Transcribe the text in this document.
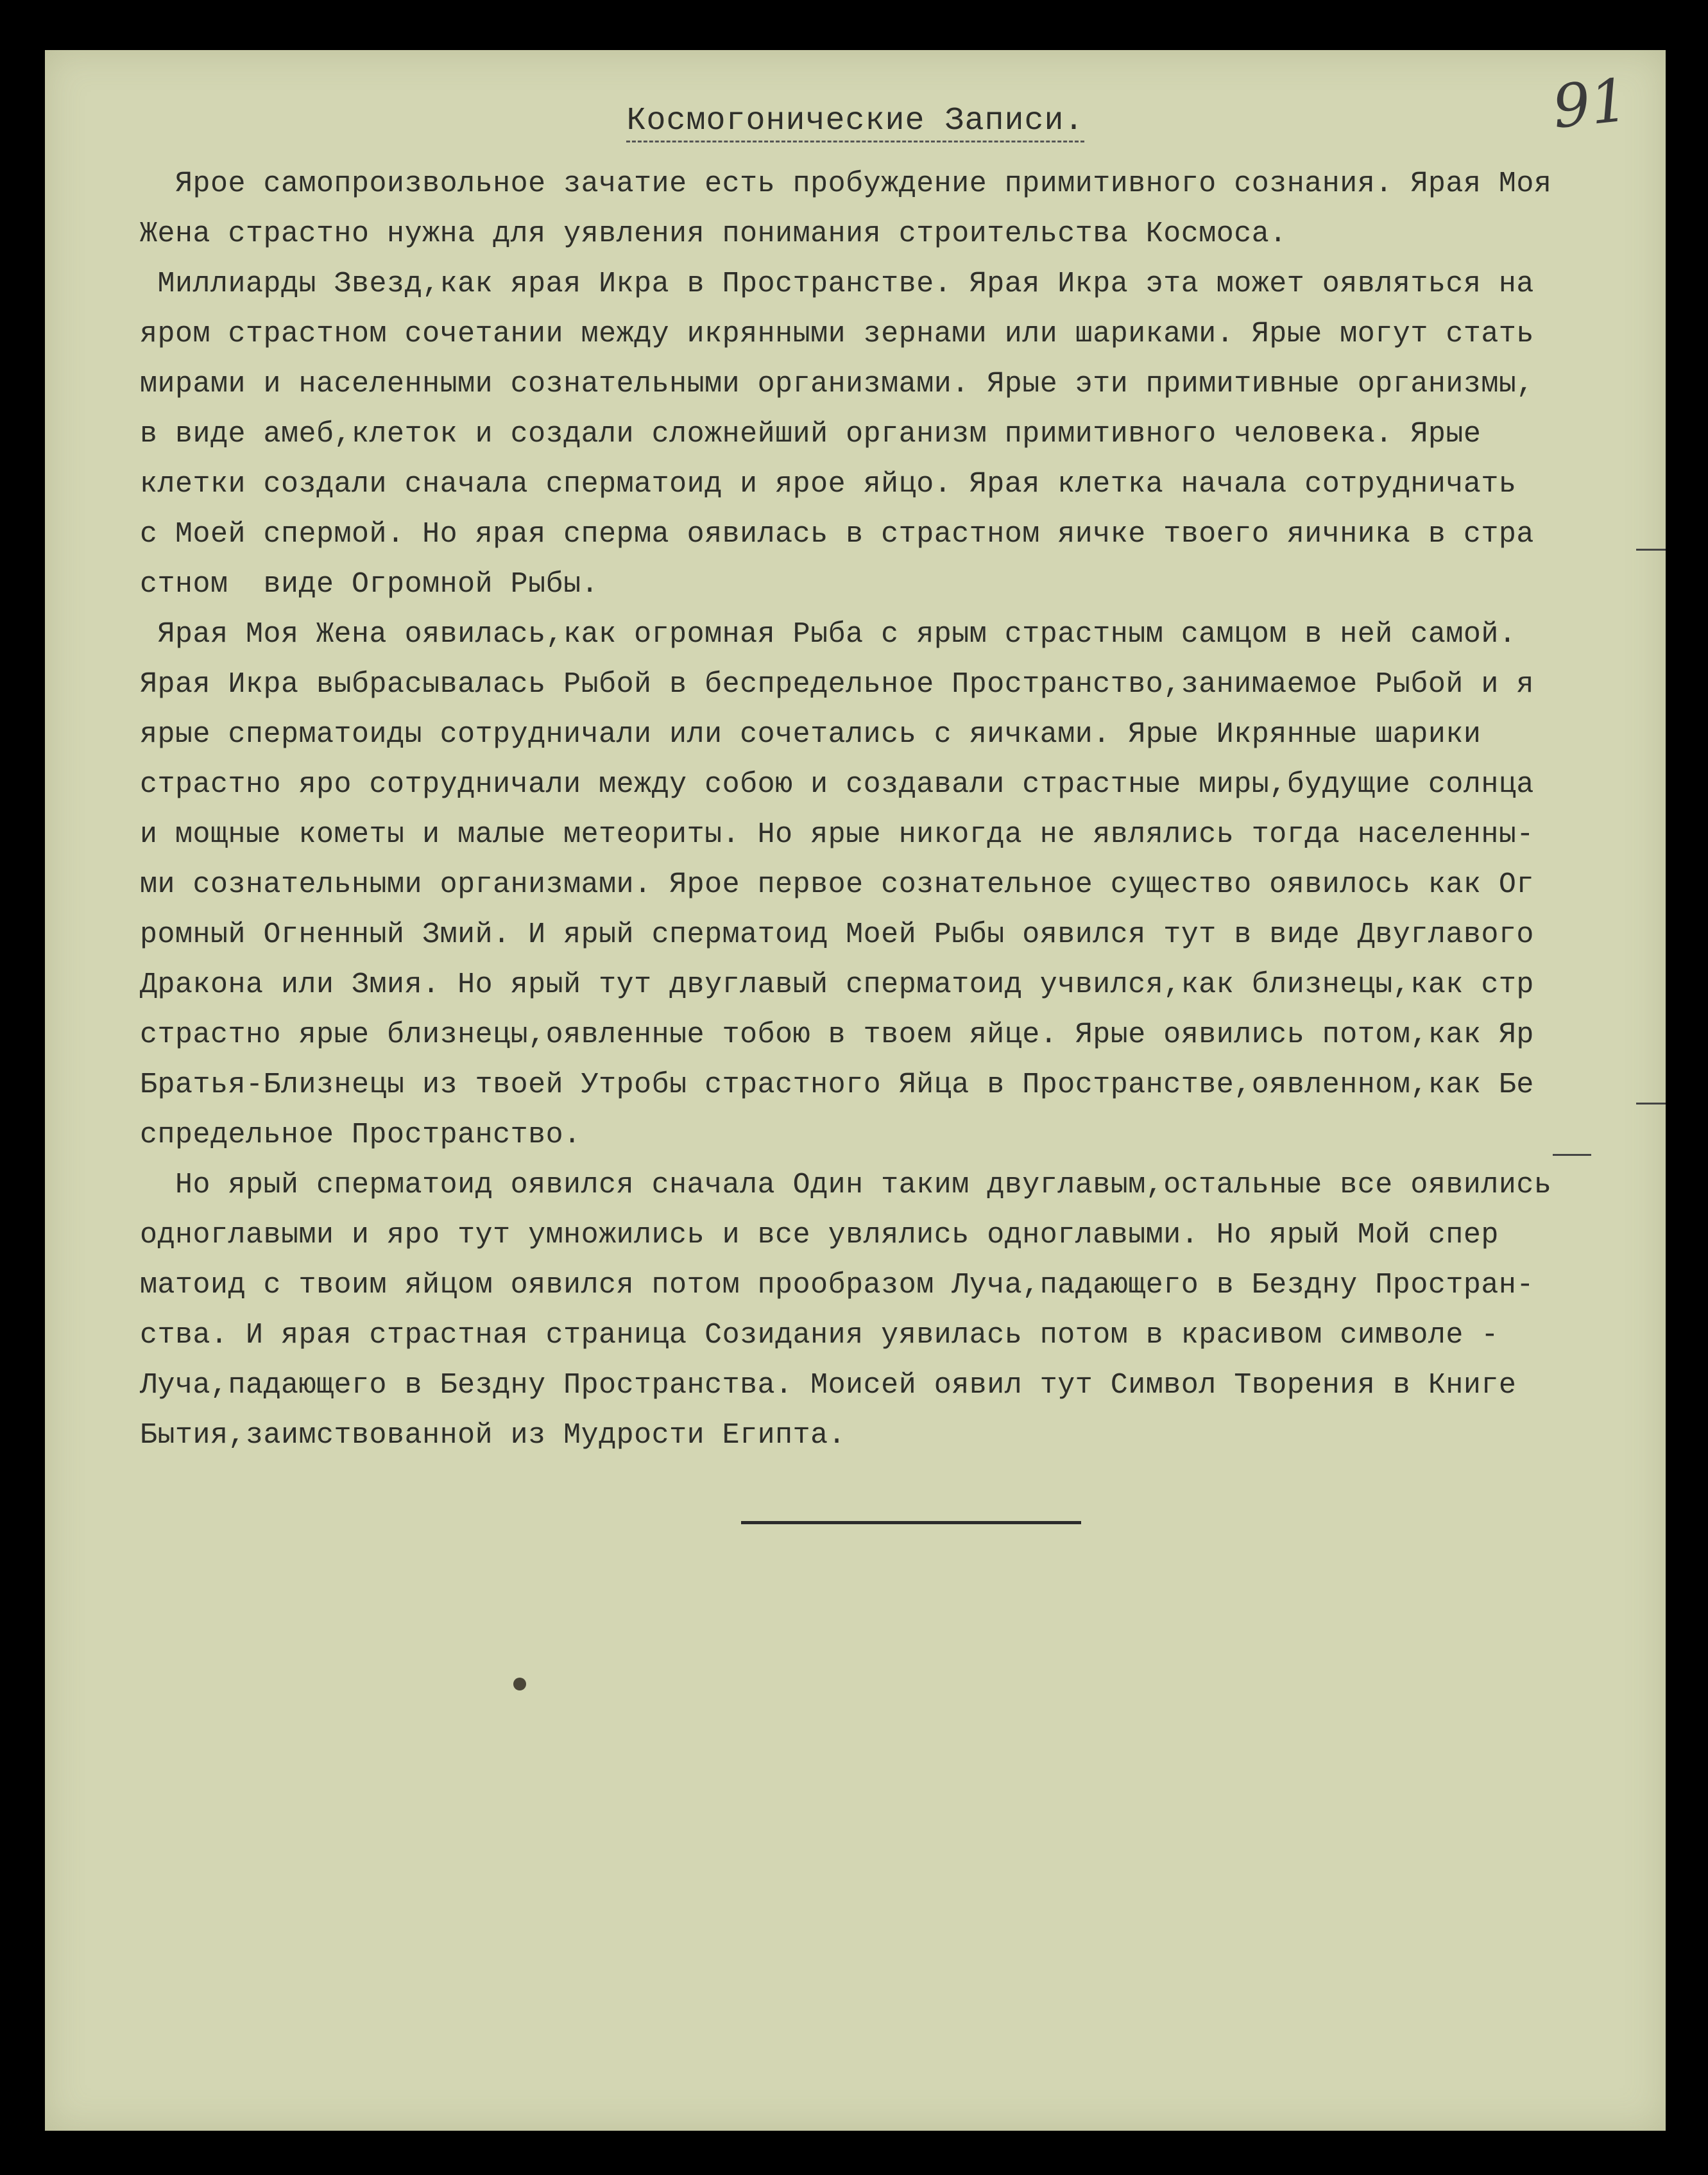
91
Космогонические Записи.
Ярое самопроизвольное зачатие есть пробуждение примитивного сознания. Ярая Моя
Жена страстно нужна для уявления понимания строительства Космоса.
Миллиарды Звезд,как ярая Икра в Пространстве. Ярая Икра эта может оявляться на
яром страстном сочетании между икрянными зернами или шариками. Ярые могут стать
мирами и населенными сознательными организмами. Ярые эти примитивные организмы,
в виде амеб,клеток и создали сложнейший организм примитивного человека. Ярые
клетки создали сначала сперматоид и ярое яйцо. Ярая клетка начала сотрудничать
с Моей спермой. Но ярая сперма оявилась в страстном яичке твоего яичника в стра
стном  виде Огромной Рыбы.
Ярая Моя Жена оявилась,как огромная Рыба с ярым страстным самцом в ней самой.
Ярая Икра выбрасывалась Рыбой в беспредельное Пространство,занимаемое Рыбой и я
ярые сперматоиды сотрудничали или сочетались с яичками. Ярые Икрянные шарики
страстно яро сотрудничали между собою и создавали страстные миры,будущие солнца
и мощные кометы и малые метеориты. Но ярые никогда не являлись тогда населенны-
ми сознательными организмами. Ярое первое сознательное существо оявилось как Ог
ромный Огненный Змий. И ярый сперматоид Моей Рыбы оявился тут в виде Двуглавого
Дракона или Змия. Но ярый тут двуглавый сперматоид учвился,как близнецы,как стр
страстно ярые близнецы,оявленные тобою в твоем яйце. Ярые оявились потом,как Яр
Братья-Близнецы из твоей Утробы страстного Яйца в Пространстве,оявленном,как Бе
спредельное Пространство.
Но ярый сперматоид оявился сначала Один таким двуглавым,остальные все оявились
одноглавыми и яро тут умножились и все увлялись одноглавыми. Но ярый Мой спер
матоид с твоим яйцом оявился потом прообразом Луча,падающего в Бездну Простран-
ства. И ярая страстная страница Созидания уявилась потом в красивом символе -
Луча,падающего в Бездну Пространства. Моисей оявил тут Символ Творения в Книге
Бытия,заимствованной из Мудрости Египта.
